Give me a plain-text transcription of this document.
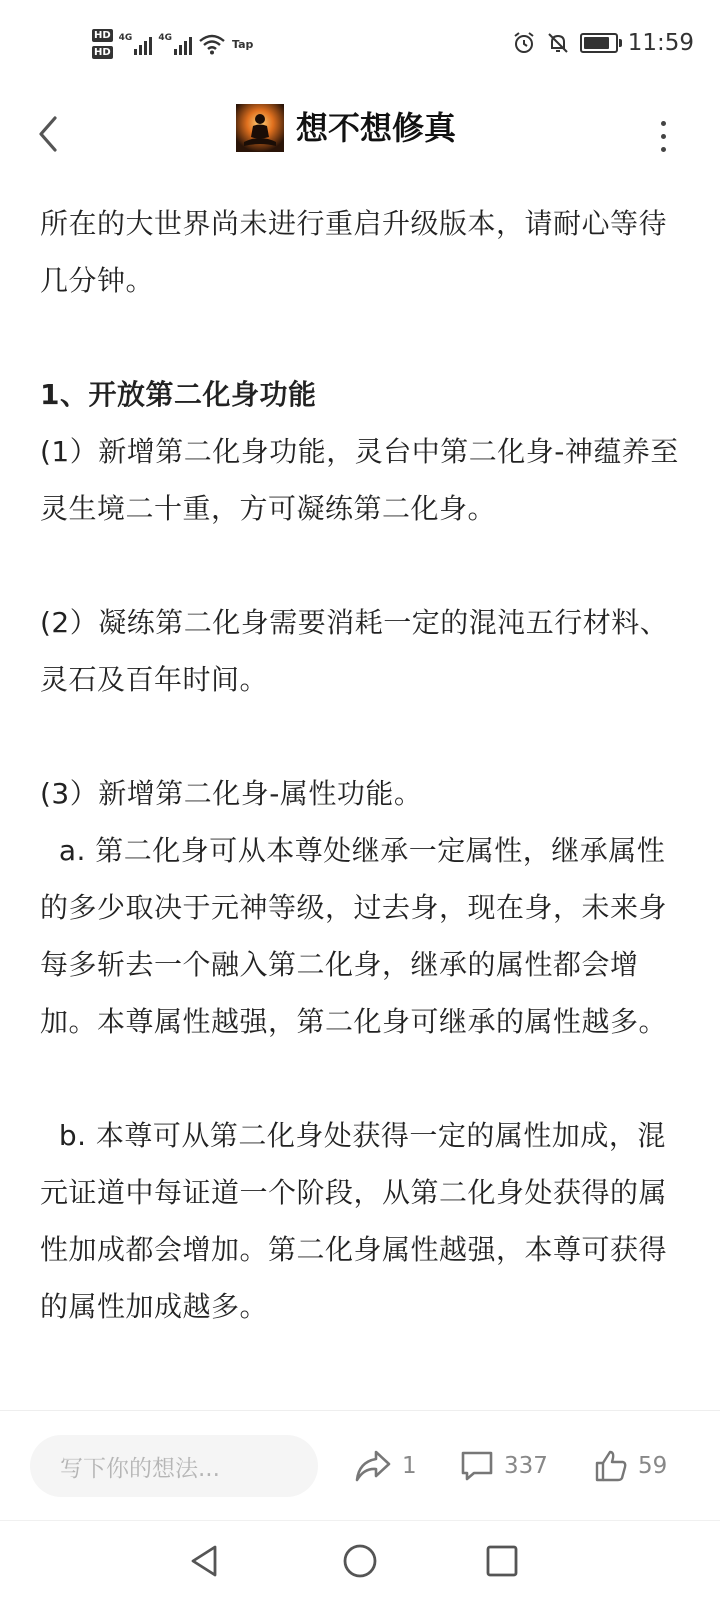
HD
HD
4G	4G	Tap	11:59
想不想修真

所在的大世界尚未进行重启升级版本，请耐心等待几分钟。

1、开放第二化身功能

(1）新增第二化身功能，灵台中第二化身-神蕴养至灵生境二十重，方可凝练第二化身。

(2）凝练第二化身需要消耗一定的混沌五行材料、灵石及百年时间。

(3）新增第二化身-属性功能。

a. 第二化身可从本尊处继承一定属性，继承属性的多少取决于元神等级，过去身，现在身，未来身每多斩去一个融入第二化身，继承的属性都会增加。本尊属性越强，第二化身可继承的属性越多。

b. 本尊可从第二化身处获得一定的属性加成，混元证道中每证道一个阶段，从第二化身处获得的属性加成都会增加。第二化身属性越强，本尊可获得的属性加成越多。

写下你的想法...	1	337	59
